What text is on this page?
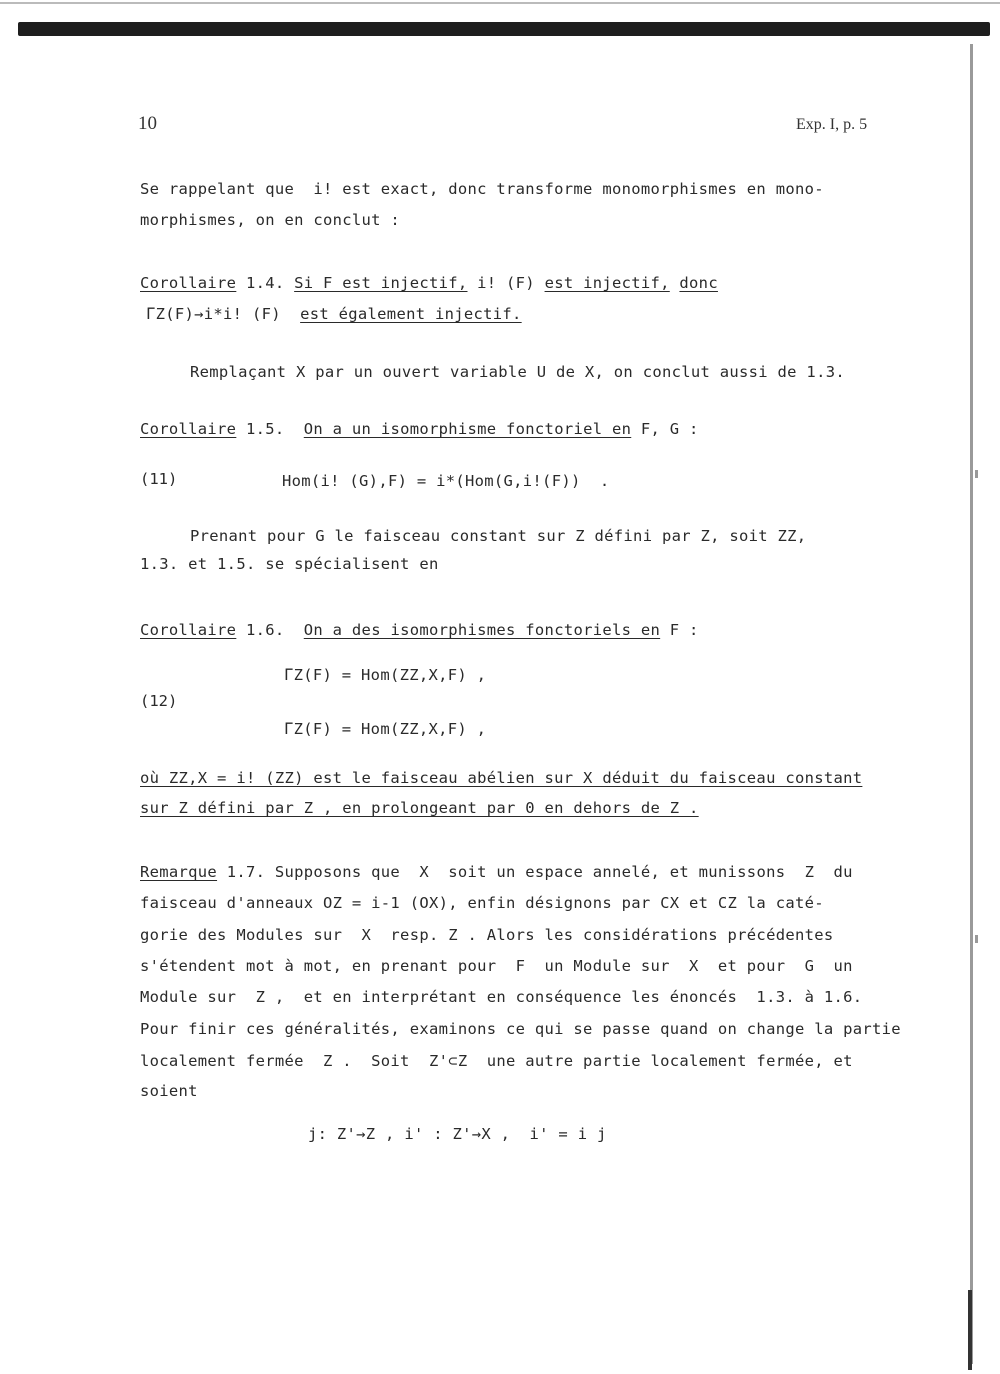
10	Exp. I, p. 5
Se rappelant que  i! est exact, donc transforme monomorphismes en mono-
morphismes, on en conclut :
Corollaire 1.4. Si F est injectif, i! (F) est injectif, donc
ΓZ(F)→i*i! (F) est également injectif.
Remplaçant X par un ouvert variable U de X, on conclut aussi de 1.3.
Corollaire 1.5.  On a un isomorphisme fonctoriel en F, G :
(11)	Hom(i! (G),F) = i*(Hom(G,i!(F))  .
Prenant pour G le faisceau constant sur Z défini par Z, soit ZZ,
1.3. et 1.5. se spécialisent en
Corollaire 1.6.  On a des isomorphismes fonctoriels en F :
ΓZ(F) = Hom(ZZ,X,F) ,
(12)
ΓZ(F) = Hom(ZZ,X,F) ,
où ZZ,X = i! (ZZ) est le faisceau abélien sur X déduit du faisceau constant
sur Z défini par Z , en prolongeant par 0 en dehors de Z .
Remarque 1.7. Supposons que  X  soit un espace annelé, et munissons  Z  du
faisceau d'anneaux OZ = i-1 (OX), enfin désignons par CX et CZ la caté-
gorie des Modules sur  X  resp. Z . Alors les considérations précédentes
s'étendent mot à mot, en prenant pour  F  un Module sur  X  et pour  G  un
Module sur  Z ,  et en interprétant en conséquence les énoncés  1.3. à 1.6.
Pour finir ces généralités, examinons ce qui se passe quand on change la partie
localement fermée  Z .  Soit  Z'⊂Z  une autre partie localement fermée, et
soient
j: Z'→Z , i' : Z'→X ,  i' = i j
